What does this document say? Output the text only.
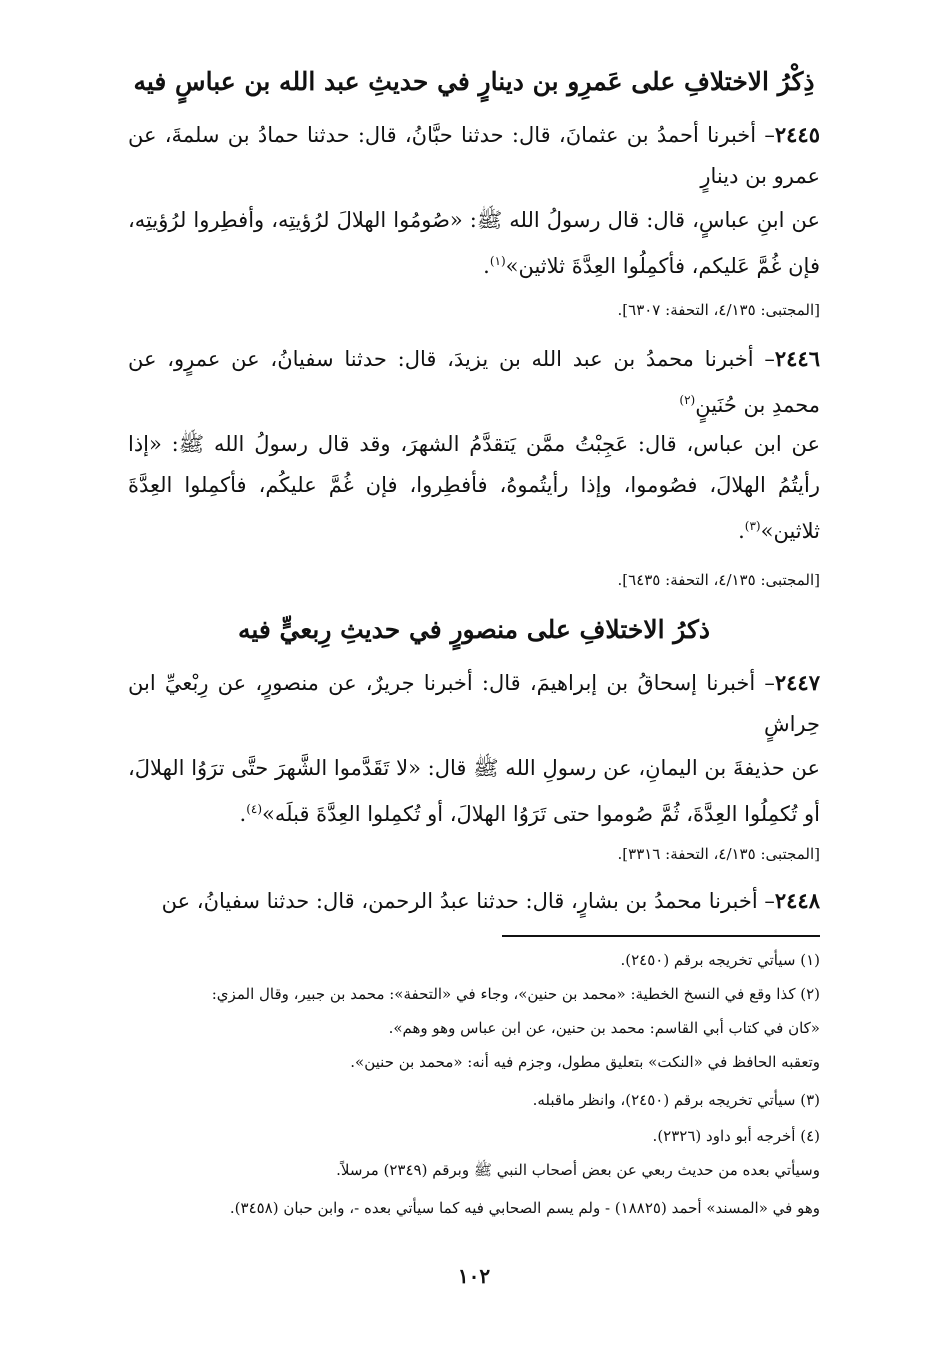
ذِكْرُ الاختلافِ على عَمرِو بن دينارٍ في حديثِ عبد الله بن عباسٍ فيه
٢٤٤٥– أخبرنا أحمدُ بن عثمانَ، قال: حدثنا حبَّانُ، قال: حدثنا حمادُ بن سلمةَ، عن عمرو بن دينارٍ
عن ابنِ عباسٍ، قال: قال رسولُ الله ﷺ: «صُومُوا الهلالَ لرُؤيتِه، وأفطِروا لرُؤيتِه، فإن غُمَّ عَليكم، فأكمِلُوا العِدَّةَ ثلاثين»$^{(١)}$.
[المجتبى: ٤/١٣٥، التحفة: ٦٣٠٧].
٢٤٤٦– أخبرنا محمدُ بن عبد الله بن يزيدَ، قال: حدثنا سفيانُ، عن عمرٍو، عن محمدِ بن حُنَينٍ$^{(٢)}$
عن ابن عباس، قال: عَجِبْتُ ممَّن يَتقدَّمُ الشهرَ، وقد قال رسولُ الله ﷺ: «إذا رأيتُمُ الهلالَ، فصُوموا، وإذا رأيتُموهُ، فأفطِروا، فإن غُمَّ عليكُم، فأكمِلوا العِدَّةَ ثلاثين»$^{(٣)}$.
[المجتبى: ٤/١٣٥، التحفة: ٦٤٣٥].
ذكرُ الاختلافِ على منصورٍ في حديثِ رِبعيٍّ فيه
٢٤٤٧– أخبرنا إسحاقُ بن إبراهيمَ، قال: أخبرنا جريرٌ، عن منصورٍ، عن رِبْعيِّ ابن حِراشٍ
عن حذيفةَ بن اليمانِ، عن رسولِ الله ﷺ قال: «لا تَقَدَّموا الشَّهرَ حتَّى ترَوُا الهلالَ، أو تُكمِلُوا العِدَّةَ، ثُمَّ صُوموا حتى تَرَوُا الهلالَ، أو تُكمِلوا العِدَّةَ قبلَه»$^{(٤)}$.
[المجتبى: ٤/١٣٥، التحفة: ٣٣١٦].
٢٤٤٨– أخبرنا محمدُ بن بشارٍ، قال: حدثنا عبدُ الرحمن، قال: حدثنا سفيانُ، عن
(١) سيأتي تخريجه برقم (٢٤٥٠).
(٢) كذا وقع في النسخ الخطية: «محمد بن حنين»، وجاء في «التحفة»: محمد بن جبير، وقال المزي:
«كان في كتاب أبي القاسم: محمد بن حنين، عن ابن عباس وهو وهم».
وتعقبه الحافظ في «النكت» بتعليق مطول، وجزم فيه أنه: «محمد بن حنين».
(٣) سيأتي تخريجه برقم (٢٤٥٠)، وانظر ماقبله.
(٤) أخرجه أبو داود (٢٣٢٦).
وسيأتي بعده من حديث ربعي عن بعض أصحاب النبي ﷺ وبرقم (٢٣٤٩) مرسلاً.
وهو في «المسند» أحمد (١٨٨٢٥) - ولم يسم الصحابي فيه كما سيأتي بعده -، وابن حبان (٣٤٥٨).
١٠٢
